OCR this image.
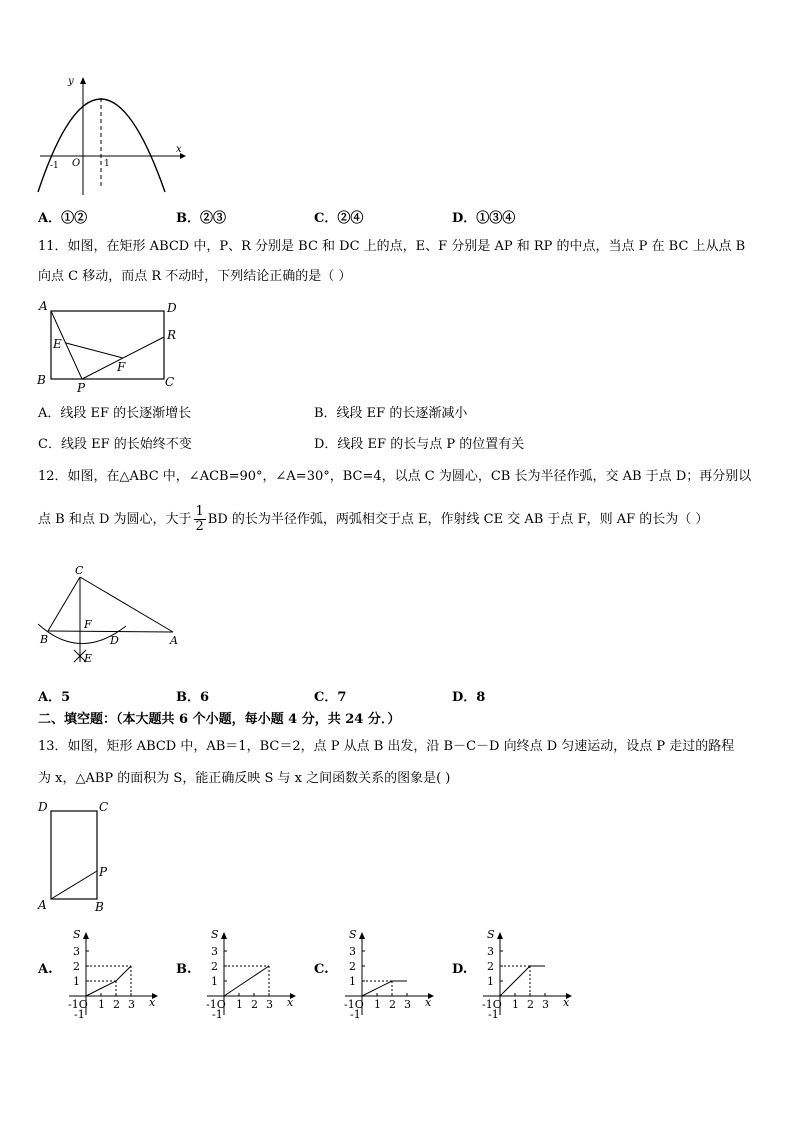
y
x
O
-1	1
A．①②	B．②③	C．②④	D．①③④
11．如图，在矩形 ABCD 中，P、R 分别是 BC 和 DC 上的点，E、F 分别是 AP 和 RP 的中点，当点 P 在 BC 上从点 B
向点 C 移动，而点 R 不动时，下列结论正确的是（ ）
A	D
R
E
F
B
P	C
A．线段 EF 的长逐渐增长	B．线段 EF 的长逐渐减小
C．线段 EF 的长始终不变	D．线段 EF 的长与点 P 的位置有关
12．如图，在△ABC 中，∠ACB=90°，∠A=30°，BC=4，以点 C 为圆心，CB 长为半径作弧，交 AB 于点 D；再分别以
点 B 和点 D 为圆心，大于 $\frac{1}{2}$ BD 的长为半径作弧，两弧相交于点 E，作射线 CE 交 AB 于点 F，则 AF 的长为（ ）
C
F
B	D	A
E
A．5	B．6	C．7	D．8
二、填空题：（本大题共 6 个小题，每小题 4 分，共 24 分．）
13．如图，矩形 ABCD 中，AB＝1，BC＝2，点 P 从点 B 出发，沿 B－C－D 向终点 D 匀速运动，设点 P 走过的路程
为 x，△ABP 的面积为 S，能正确反映 S 与 x 之间函数关系的图象是( )
D	C
P
A	B
A.	B.	C.	D.
1 2 3
1
2
3
-1O
-1
S
x	1 2 3
1
2
3
-1O
-1
S
x	1 2 3
1
2
3
-1O
-1
S
x	1 2 3
1
2
3
-1O
-1
S
x
